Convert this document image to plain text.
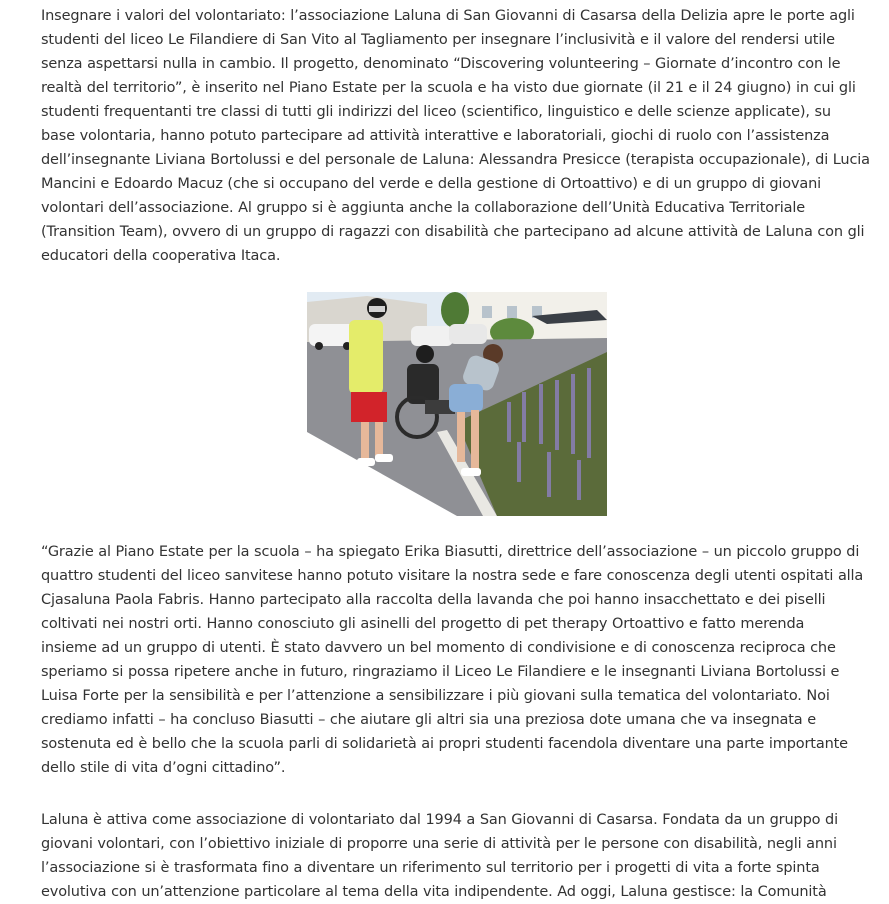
Insegnare i valori del volontariato: l’associazione Laluna di San Giovanni di Casarsa della Delizia apre le porte agli
studenti del liceo Le Filandiere di San Vito al Tagliamento per insegnare l’inclusività e il valore del rendersi utile
senza aspettarsi nulla in cambio. Il progetto, denominato “Discovering volunteering – Giornate d’incontro con le
realtà del territorio”, è inserito nel Piano Estate per la scuola e ha visto due giornate (il 21 e il 24 giugno) in cui gli
studenti frequentanti tre classi di tutti gli indirizzi del liceo (scientifico, linguistico e delle scienze applicate), su
base volontaria, hanno potuto partecipare ad attività interattive e laboratoriali, giochi di ruolo con l’assistenza
dell’insegnante Liviana Bortolussi e del personale de Laluna: Alessandra Presicce (terapista occupazionale), di Lucia
Mancini e Edoardo Macuz (che si occupano del verde e della gestione di Ortoattivo) e di un gruppo di giovani
volontari dell’associazione. Al gruppo si è aggiunta anche la collaborazione dell’Unità Educativa Territoriale
(Transition Team), ovvero di un gruppo di ragazzi con disabilità che partecipano ad alcune attività de Laluna con gli
educatori della cooperativa Itaca.

“Grazie al Piano Estate per la scuola – ha spiegato Erika Biasutti, direttrice dell’associazione – un piccolo gruppo di
quattro studenti del liceo sanvitese hanno potuto visitare la nostra sede e fare conoscenza degli utenti ospitati alla
Cjasaluna Paola Fabris. Hanno partecipato alla raccolta della lavanda che poi hanno insacchettato e dei piselli
coltivati nei nostri orti. Hanno conosciuto gli asinelli del progetto di pet therapy Ortoattivo e fatto merenda
insieme ad un gruppo di utenti. È stato davvero un bel momento di condivisione e di conoscenza reciproca che
speriamo si possa ripetere anche in futuro, ringraziamo il Liceo Le Filandiere e le insegnanti Liviana Bortolussi e
Luisa Forte per la sensibilità e per l’attenzione a sensibilizzare i più giovani sulla tematica del volontariato. Noi
crediamo infatti – ha concluso Biasutti – che aiutare gli altri sia una preziosa dote umana che va insegnata e
sostenuta ed è bello che la scuola parli di solidarietà ai propri studenti facendola diventare una parte importante
dello stile di vita d’ogni cittadino”.

Laluna è attiva come associazione di volontariato dal 1994 a San Giovanni di Casarsa. Fondata da un gruppo di
giovani volontari, con l’obiettivo iniziale di proporre una serie di attività per le persone con disabilità, negli anni
l’associazione si è trasformata fino a diventare un riferimento sul territorio per i progetti di vita a forte spinta
evolutiva con un’attenzione particolare al tema della vita indipendente. Ad oggi, Laluna gestisce: la Comunità
